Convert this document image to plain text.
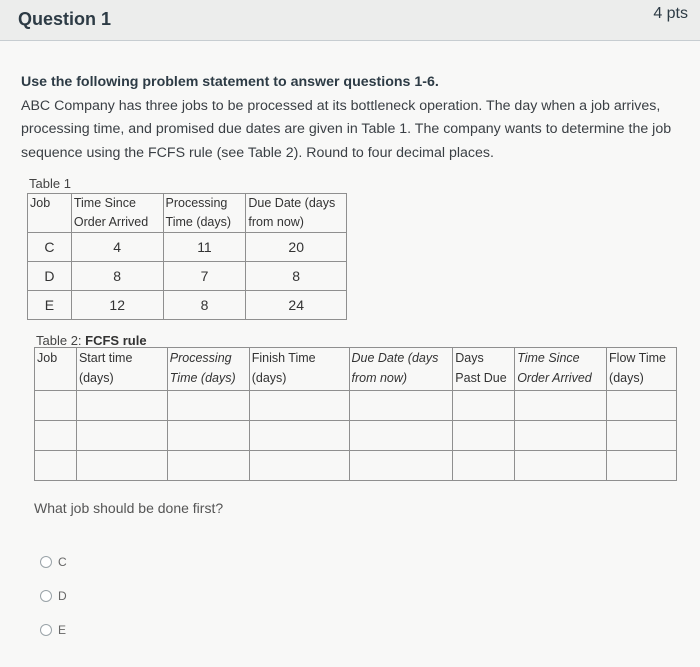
Question 1	4 pts
Use the following problem statement to answer questions 1-6.
ABC Company has three jobs to be processed at its bottleneck operation. The day when a job arrives, processing time, and promised due dates are given in Table 1. The company wants to determine the job sequence using the FCFS rule (see Table 2). Round to four decimal places.
Table 1
Job	Time Since Order Arrived	Processing Time (days)	Due Date (days from now)
C	4	11	20
D	8	7	8
E	12	8	24
Table 2: FCFS rule
Job	Start time (days)	Processing Time (days)	Finish Time (days)	Due Date (days from now)	Days Past Due	Time Since Order Arrived	Flow Time (days)

What job should be done first?
C
D
E
